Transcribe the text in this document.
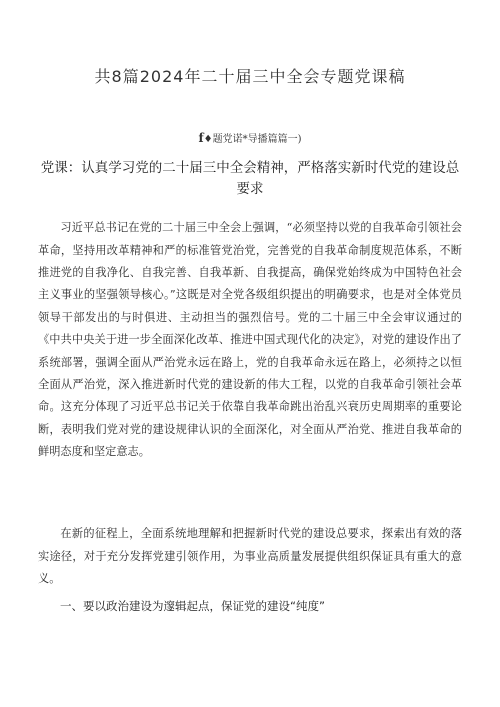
共8篇2024年二十届三中全会专题党课稿
f♦题党诺*导播篇篇一)
党课：认真学习党的二十届三中全会精神，严格落实新时代党的建设总要求

习近平总书记在党的二十届三中全会上强调，“必须坚持以党的自我革命引领社会革命，坚持用改革精神和严的标准管党治党，完善党的自我革命制度规范体系，不断推进党的自我净化、自我完善、自我革新、自我提高，确保党始终成为中国特色社会主义事业的坚强领导核心。”这既是对全党各级组织提出的明确要求，也是对全体党员领导干部发出的与时俱进、主动担当的强烈信号。党的二十届三中全会审议通过的《中共中央关于进一步全面深化改革、推进中国式现代化的决定》，对党的建设作出了系统部署，强调全面从严治党永远在路上，党的自我革命永远在路上，必须持之以恒全面从严治党，深入推进新时代党的建设新的伟大工程，以党的自我革命引领社会革命。这充分体现了习近平总书记关于依靠自我革命跳出治乱兴衰历史周期率的重要论断，表明我们党对党的建设规律认识的全面深化，对全面从严治党、推进自我革命的鲜明态度和坚定意志。

在新的征程上，全面系统地理解和把握新时代党的建设总要求，探索出有效的落实途径，对于充分发挥党建引领作用，为事业高质量发展提供组织保证具有重大的意义。

一、要以政治建设为邃辑起点，保证党的建设“纯度”
